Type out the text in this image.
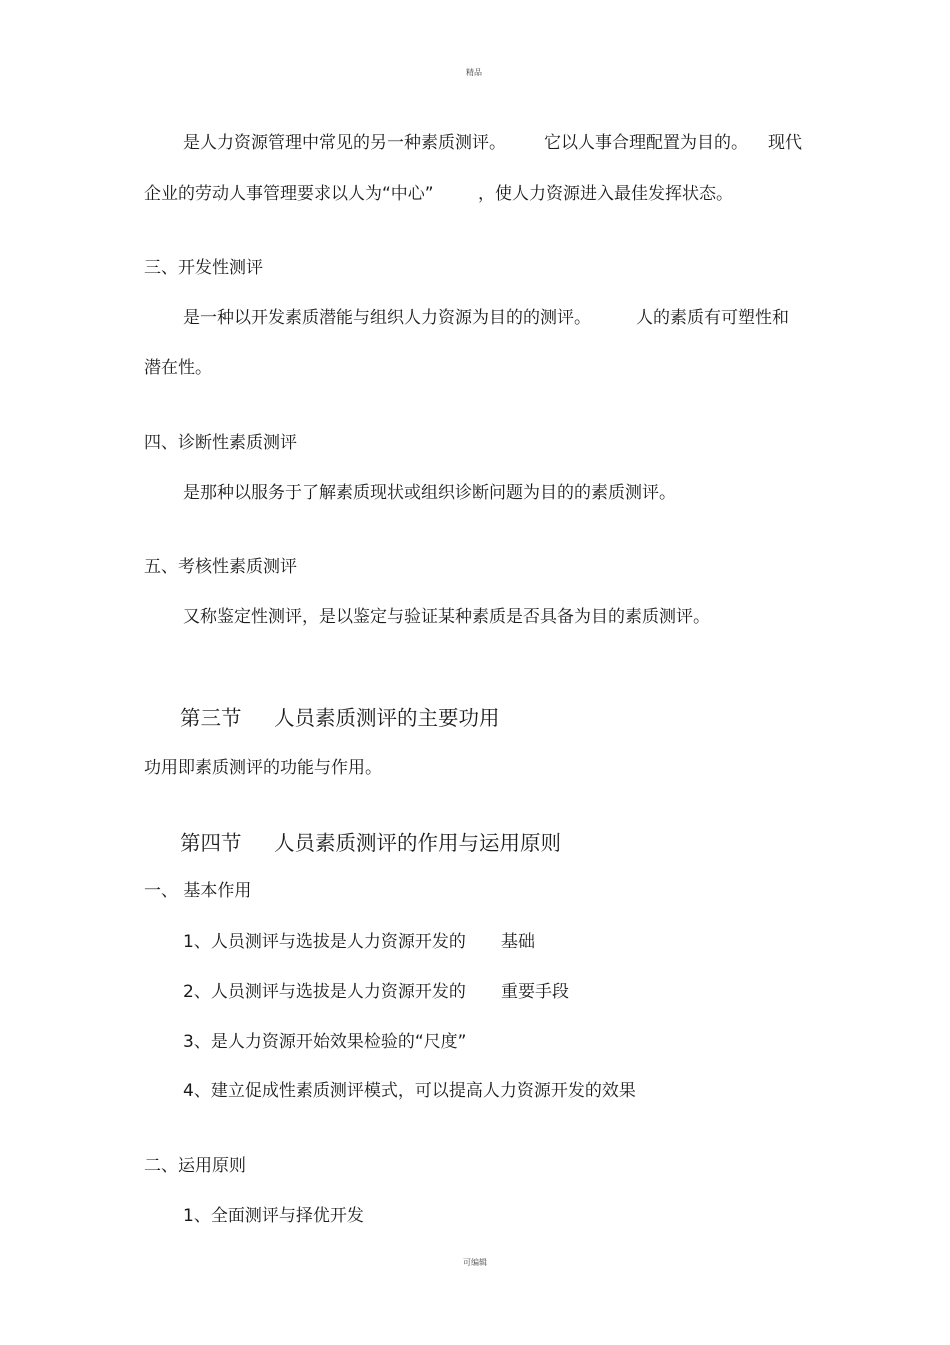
精品
是人力资源管理中常见的另一种素质测评。 它以人事合理配置为目的。 现代
企业的劳动人事管理要求以人为“中心”	，使人力资源进入最佳发挥状态。
三、开发性测评
是一种以开发素质潜能与组织人力资源为目的的测评。	人的素质有可塑性和
潜在性。
四、诊断性素质测评
是那种以服务于了解素质现状或组织诊断问题为目的的素质测评。
五、考核性素质测评
又称鉴定性测评，是以鉴定与验证某种素质是否具备为目的素质测评。
第三节 人员素质测评的主要功用
功用即素质测评的功能与作用。
第四节 人员素质测评的作用与运用原则
一、 基本作用
1、人员测评与选拔是人力资源开发的 基础
2、人员测评与选拔是人力资源开发的 重要手段
3、是人力资源开始效果检验的“尺度”
4、建立促成性素质测评模式，可以提高人力资源开发的效果
二、运用原则
1、全面测评与择优开发
可编辑
